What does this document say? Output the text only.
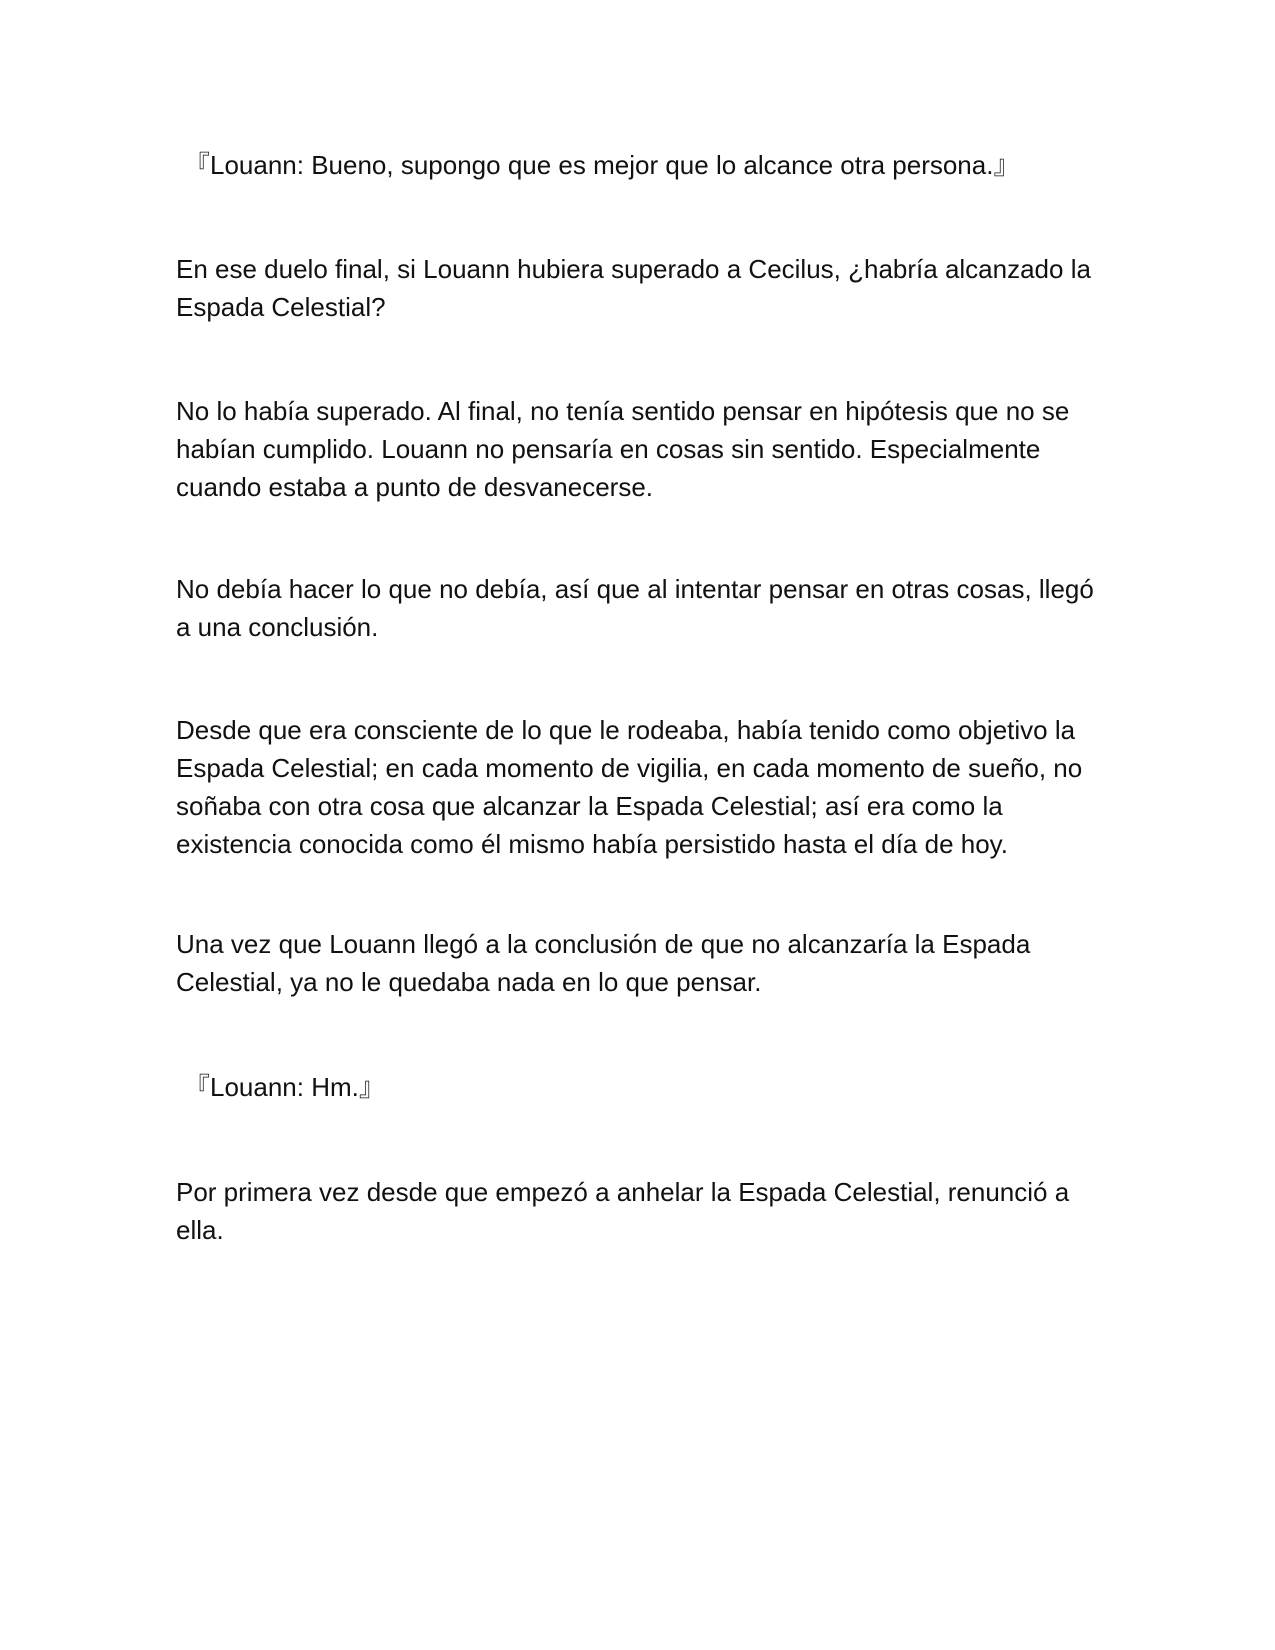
『Louann: Bueno, supongo que es mejor que lo alcance otra persona.』

En ese duelo final, si Louann hubiera superado a Cecilus, ¿habría alcanzado la Espada Celestial?

No lo había superado. Al final, no tenía sentido pensar en hipótesis que no se habían cumplido. Louann no pensaría en cosas sin sentido. Especialmente cuando estaba a punto de desvanecerse.

No debía hacer lo que no debía, así que al intentar pensar en otras cosas, llegó a una conclusión.

Desde que era consciente de lo que le rodeaba, había tenido como objetivo la Espada Celestial; en cada momento de vigilia, en cada momento de sueño, no soñaba con otra cosa que alcanzar la Espada Celestial; así era como la existencia conocida como él mismo había persistido hasta el día de hoy.

Una vez que Louann llegó a la conclusión de que no alcanzaría la Espada Celestial, ya no le quedaba nada en lo que pensar.

『Louann: Hm.』

Por primera vez desde que empezó a anhelar la Espada Celestial, renunció a ella.
